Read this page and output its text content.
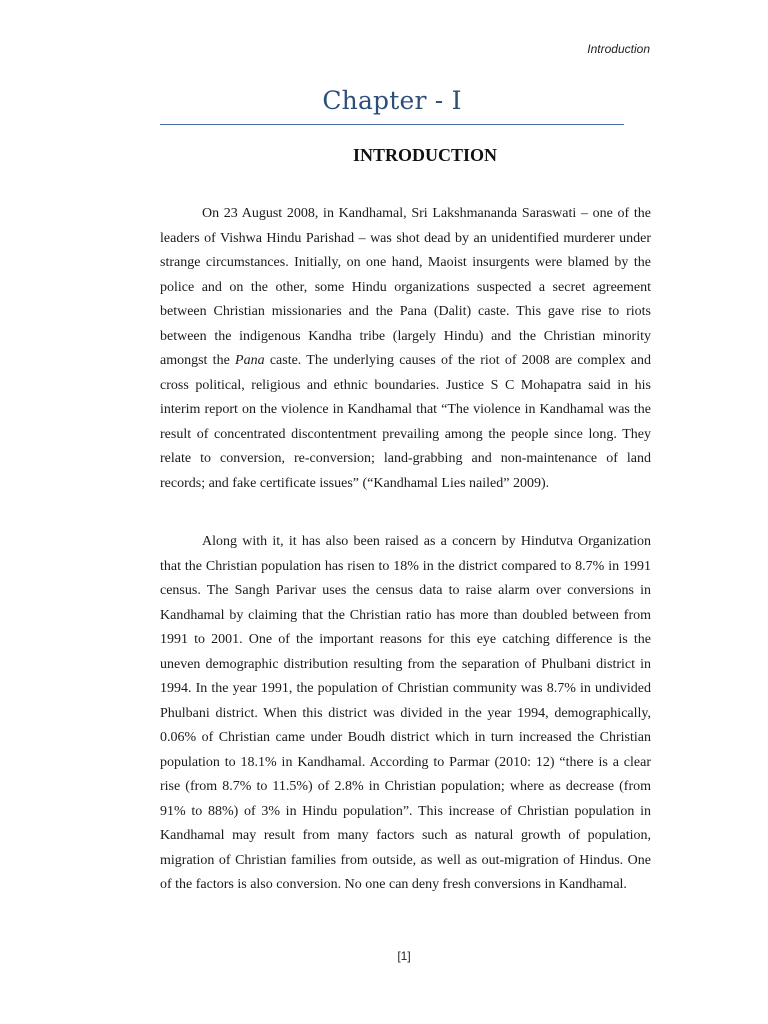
Introduction
Chapter - I
INTRODUCTION

On 23 August 2008, in Kandhamal, Sri Lakshmananda Saraswati – one of the leaders of Vishwa Hindu Parishad – was shot dead by an unidentified murderer under strange circumstances. Initially, on one hand, Maoist insurgents were blamed by the police and on the other, some Hindu organizations suspected a secret agreement between Christian missionaries and the Pana (Dalit) caste. This gave rise to riots between the indigenous Kandha tribe (largely Hindu) and the Christian minority amongst the Pana caste. The underlying causes of the riot of 2008 are complex and cross political, religious and ethnic boundaries. Justice S C Mohapatra said in his interim report on the violence in Kandhamal that “The violence in Kandhamal was the result of concentrated discontentment prevailing among the people since long. They relate to conversion, re-conversion; land-grabbing and non-maintenance of land records; and fake certificate issues” (“Kandhamal Lies nailed” 2009).

Along with it, it has also been raised as a concern by Hindutva Organization that the Christian population has risen to 18% in the district compared to 8.7% in 1991 census. The Sangh Parivar uses the census data to raise alarm over conversions in Kandhamal by claiming that the Christian ratio has more than doubled between from 1991 to 2001. One of the important reasons for this eye catching difference is the uneven demographic distribution resulting from the separation of Phulbani district in 1994. In the year 1991, the population of Christian community was 8.7% in undivided Phulbani district. When this district was divided in the year 1994, demographically, 0.06% of Christian came under Boudh district which in turn increased the Christian population to 18.1% in Kandhamal. According to Parmar (2010: 12) “there is a clear rise (from 8.7% to 11.5%) of 2.8% in Christian population; where as decrease (from 91% to 88%) of 3% in Hindu population”. This increase of Christian population in Kandhamal may result from many factors such as natural growth of population, migration of Christian families from outside, as well as out-migration of Hindus. One of the factors is also conversion. No one can deny fresh conversions in Kandhamal.

[1]
